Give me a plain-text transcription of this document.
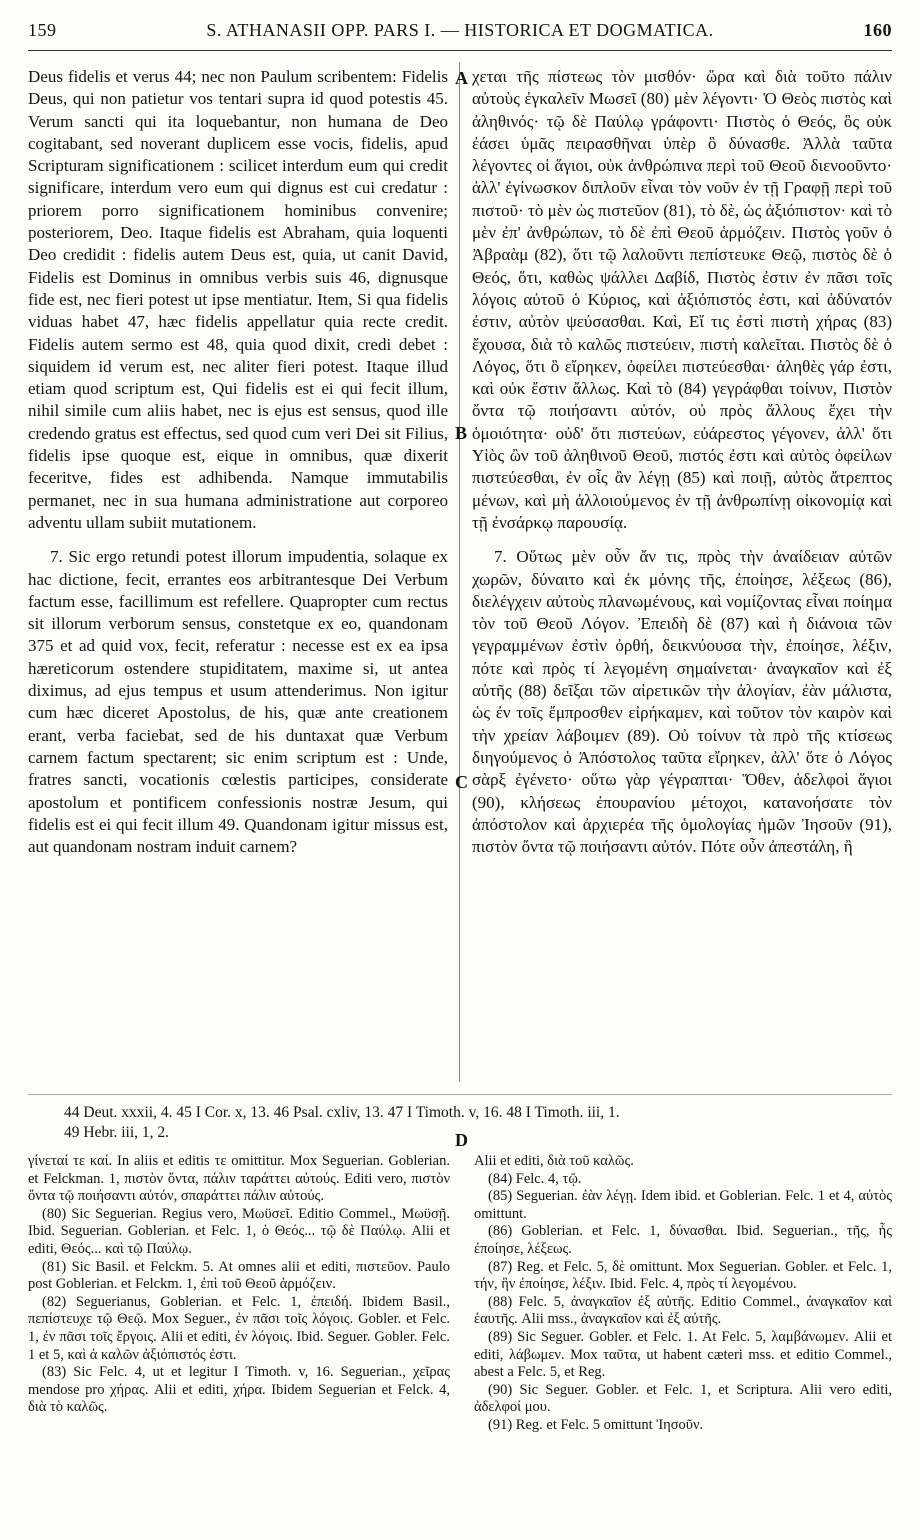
S. ATHANASII OPP. PARS I. — HISTORICA ET DOGMATICA.
159	160

Deus fidelis et verus 44; nec non Paulum scribentem: Fidelis Deus, qui non patietur vos tentari supra id quod potestis 45. Verum sancti qui ita loquebantur, non humana de Deo cogitabant, sed noverant duplicem esse vocis, fidelis, apud Scripturam significationem : scilicet interdum eum qui credit significare, interdum vero eum qui dignus est cui credatur : priorem porro significationem hominibus convenire; posteriorem, Deo. Itaque fidelis est Abraham, quia loquenti Deo credidit : fidelis autem Deus est, quia, ut canit David, Fidelis est Dominus in omnibus verbis suis 46, dignusque fide est, nec fieri potest ut ipse mentiatur. Item, Si qua fidelis viduas habet 47, hæc fidelis appellatur quia recte credit. Fidelis autem sermo est 48, quia quod dixit, credi debet : siquidem id verum est, nec aliter fieri potest. Itaque illud etiam quod scriptum est, Qui fidelis est ei qui fecit illum, nihil simile cum aliis habet, nec is ejus est sensus, quod ille credendo gratus est effectus, sed quod cum veri Dei sit Filius, fidelis ipse quoque est, eique in omnibus, quæ dixerit feceritve, fides est adhibenda. Namque immutabilis permanet, nec in sua humana administratione aut corporeo adventu ullam subiit mutationem.

7. Sic ergo retundi potest illorum impudentia, solaque ex hac dictione, fecit, errantes eos arbitrantesque Dei Verbum factum esse, facillimum est refellere. Quapropter cum rectus sit illorum verborum sensus, constetque ex eo, quandonam 375 et ad quid vox, fecit, referatur : necesse est ex ea ipsa hæreticorum ostendere stupiditatem, maxime si, ut antea diximus, ad ejus tempus et usum attenderimus. Non igitur cum hæc diceret Apostolus, de his, quæ ante creationem erant, verba faciebat, sed de his duntaxat quæ Verbum carnem factum spectarent; sic enim scriptum est : Unde, fratres sancti, vocationis cœlestis participes, considerate apostolum et pontificem confessionis nostræ Jesum, qui fidelis est ei qui fecit illum 49. Quandonam igitur missus est, aut quandonam nostram induit carnem?

χεται τῆς πίστεως τὸν μισθόν· ὥρα καὶ διὰ τοῦτο πάλιν αὐτοὺς ἐγκαλεῖν Μωσεῖ (80) μὲν λέγοντι· Ὁ Θεὸς πιστὸς καὶ ἀληθινός· τῷ δὲ Παύλῳ γράφοντι· Πιστὸς ὁ Θεός, ὃς οὐκ ἐάσει ὑμᾶς πειρασθῆναι ὑπὲρ ὃ δύνασθε. Ἀλλὰ ταῦτα λέγοντες οἱ ἅγιοι, οὐκ ἀνθρώπινα περὶ τοῦ Θεοῦ διενοοῦντο· ἀλλ' ἐγίνωσκον διπλοῦν εἶναι τὸν νοῦν ἐν τῇ Γραφῇ περὶ τοῦ πιστοῦ· τὸ μὲν ὡς πιστεῦον (81), τὸ δὲ, ὡς ἀξιόπιστον· καὶ τὸ μὲν ἐπ' ἀνθρώπων, τὸ δὲ ἐπὶ Θεοῦ ἁρμόζειν. Πιστὸς γοῦν ὁ Ἀβραὰμ (82), ὅτι τῷ λαλοῦντι πεπίστευκε Θεῷ, πιστὸς δὲ ὁ Θεός, ὅτι, καθὼς ψάλλει Δαβίδ, Πιστὸς ἐστιν ἐν πᾶσι τοῖς λόγοις αὐτοῦ ὁ Κύριος, καὶ ἀξιόπιστός ἐστι, καὶ ἀδύνατόν ἐστιν, αὐτὸν ψεύσασθαι. Καὶ, Εἴ τις ἐστὶ πιστὴ χήρας (83) ἔχουσα, διὰ τὸ καλῶς πιστεύειν, πιστὴ καλεῖται. Πιστὸς δὲ ὁ Λόγος, ὅτι ὃ εἴρηκεν, ὀφείλει πιστεύεσθαι· ἀληθὲς γάρ ἐστι, καὶ οὐκ ἔστιν ἄλλως. Καὶ τὸ (84) γεγράφθαι τοίνυν, Πιστὸν ὄντα τῷ ποιήσαντι αὐτόν, οὐ πρὸς ἄλλους ἔχει τὴν ὁμοιότητα· οὐδ' ὅτι πιστεύων, εὐάρεστος γέγονεν, ἀλλ' ὅτι Υἱὸς ὢν τοῦ ἀληθινοῦ Θεοῦ, πιστός ἐστι καὶ αὐτὸς ὀφείλων πιστεύεσθαι, ἐν οἷς ἂν λέγῃ (85) καὶ ποιῇ, αὐτὸς ἄτρεπτος μένων, καὶ μὴ ἀλλοιούμενος ἐν τῇ ἀνθρωπίνῃ οἰκονομίᾳ καὶ τῇ ἐνσάρκῳ παρουσίᾳ.

7. Οὕτως μὲν οὖν ἄν τις, πρὸς τὴν ἀναίδειαν αὐτῶν χωρῶν, δύναιτο καὶ ἐκ μόνης τῆς, ἐποίησε, λέξεως (86), διελέγχειν αὐτοὺς πλανωμένους, καὶ νομίζοντας εἶναι ποίημα τὸν τοῦ Θεοῦ Λόγον. Ἐπειδὴ δὲ (87) καὶ ἡ διάνοια τῶν γεγραμμένων ἐστὶν ὀρθή, δεικνύουσα τὴν, ἐποίησε, λέξιν, πότε καὶ πρὸς τί λεγομένη σημαίνεται· ἀναγκαῖον καὶ ἐξ αὐτῆς (88) δεῖξαι τῶν αἱρετικῶν τὴν ἀλογίαν, ἐὰν μάλιστα, ὡς ἐν τοῖς ἔμπροσθεν εἰρήκαμεν, καὶ τοῦτον τὸν καιρὸν καὶ τὴν χρείαν λάβοιμεν (89). Οὐ τοίνυν τὰ πρὸ τῆς κτίσεως διηγούμενος ὁ Ἀπόστολος ταῦτα εἴρηκεν, ἀλλ' ὅτε ὁ Λόγος σὰρξ ἐγένετο· οὕτω γὰρ γέγραπται· Ὅθεν, ἀδελφοὶ ἅγιοι (90), κλήσεως ἐπουρανίου μέτοχοι, κατανοήσατε τὸν ἀπόστολον καὶ ἀρχιερέα τῆς ὁμολογίας ἡμῶν Ἰησοῦν (91), πιστὸν ὄντα τῷ ποιήσαντι αὐτόν. Πότε οὖν ἀπεστάλη, ἢ

A
B
C
D

44 Deut. xxxii, 4. 45 I Cor. x, 13. 46 Psal. cxliv, 13. 47 I Timoth. v, 16. 48 I Timoth. iii, 1.

49 Hebr. iii, 1, 2.

γίνεταί τε καί. In aliis et editis τε omittitur. Mox Seguerian. Goblerian. et Felckman. 1, πιστὸν ὄντα, πάλιν ταράττει αὐτούς. Editi vero, πιστὸν ὄντα τῷ ποιήσαντι αὐτόν, σπαράττει πάλιν αὐτούς.

(80) Sic Seguerian. Regius vero, Μωϋσεῖ. Editio Commel., Μωϋσῇ. Ibid. Seguerian. Goblerian. et Felc. 1, ὁ Θεός... τῷ δὲ Παύλῳ. Alii et editi, Θεός... καὶ τῷ Παύλῳ.

(81) Sic Basil. et Felckm. 5. At omnes alii et editi, πιστεῦον. Paulo post Goblerian. et Felckm. 1, ἐπὶ τοῦ Θεοῦ ἁρμόζειν.

(82) Seguerianus, Goblerian. et Felc. 1, ἐπειδή. Ibidem Basil., πεπίστευχε τῷ Θεῷ. Mox Seguer., ἐν πᾶσι τοῖς λόγοις. Gobler. et Felc. 1, ἐν πᾶσι τοῖς ἔργοις. Alii et editi, ἐν λόγοις. Ibid. Seguer. Gobler. Felc. 1 et 5, καὶ ἀ καλῶν ἀξιόπιστός ἐστι.

(83) Sic Felc. 4, ut et legitur I Timoth. v, 16. Seguerian., χεῖρας mendose pro χήρας. Alii et editi, χήρα. Ibidem Seguerian et Felck. 4, διὰ τὸ καλῶς.

Alii et editi, διὰ τοῦ καλῶς.

(84) Felc. 4, τῷ.

(85) Seguerian. ἐὰν λέγῃ. Idem ibid. et Goblerian. Felc. 1 et 4, αὐτὸς omittunt.

(86) Goblerian. et Felc. 1, δύνασθαι. Ibid. Seguerian., τῆς, ἧς ἐποίησε, λέξεως.

(87) Reg. et Felc. 5, δὲ omittunt. Mox Seguerian. Gobler. et Felc. 1, τήν, ἣν ἐποίησε, λέξιν. Ibid. Felc. 4, πρὸς τί λεγομένου.

(88) Felc. 5, ἀναγκαῖον ἐξ αὐτῆς. Editio Commel., ἀναγκαῖον καὶ ἑαυτῆς. Alii mss., ἀναγκαῖον καὶ ἐξ αὐτῆς.

(89) Sic Seguer. Gobler. et Felc. 1. At Felc. 5, λαμβάνωμεν. Alii et editi, λάβωμεν. Mox ταῦτα, ut habent cæteri mss. et editio Commel., abest a Felc. 5, et Reg.

(90) Sic Seguer. Gobler. et Felc. 1, et Scriptura. Alii vero editi, ἀδελφοί μου.

(91) Reg. et Felc. 5 omittunt Ἰησοῦν.
